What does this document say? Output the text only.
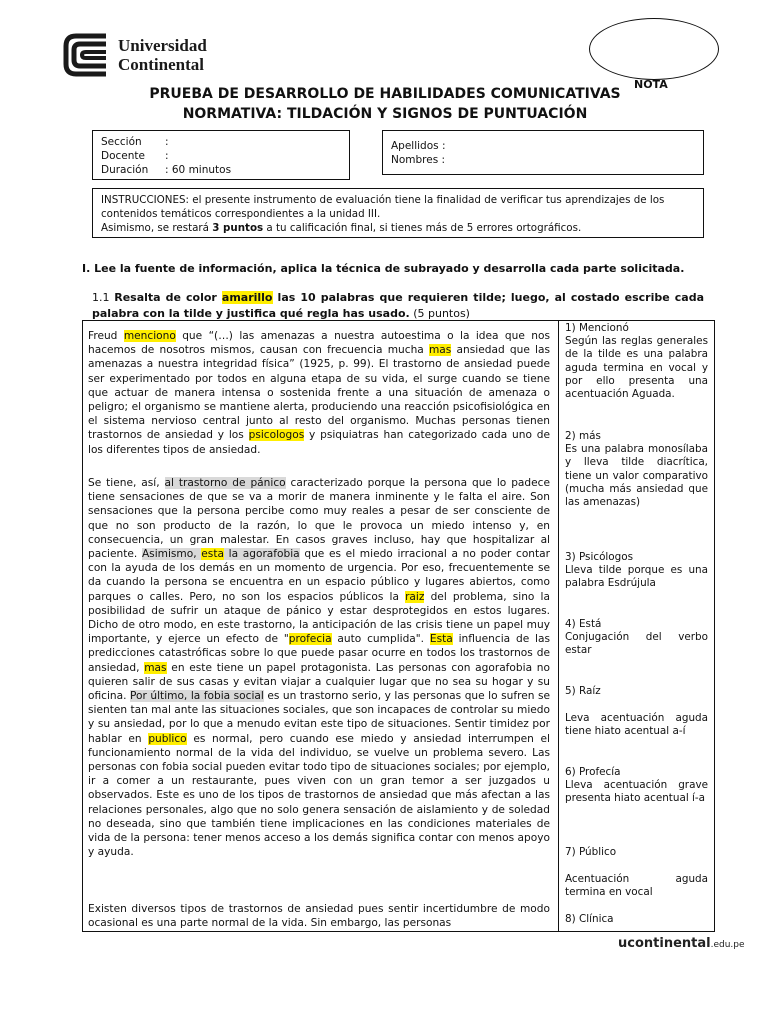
Universidad
Continental
NOTA
PRUEBA DE DESARROLLO DE HABILIDADES COMUNICATIVAS
NORMATIVA: TILDACIÓN Y SIGNOS DE PUNTUACIÓN
Sección	:
Docente	:
Duración	: 60 minutos
Apellidos :
Nombres :
INSTRUCCIONES: el presente instrumento de evaluación tiene la finalidad de verificar tus aprendizajes de los contenidos temáticos correspondientes a la unidad III.
Asimismo, se restará 3 puntos a tu calificación final, si tienes más de 5 errores ortográficos.
I. Lee la fuente de información, aplica la técnica de subrayado y desarrolla cada parte solicitada.
1.1 Resalta de color amarillo las 10 palabras que requieren tilde; luego, al costado escribe cada palabra con la tilde y justifica qué regla has usado. (5 puntos)
Freud menciono que “(…) las amenazas a nuestra autoestima o la idea que nos hacemos de nosotros mismos, causan con frecuencia mucha mas ansiedad que las amenazas a nuestra integridad física” (1925, p. 99). El trastorno de ansiedad puede ser experimentado por todos en alguna etapa de su vida, el surge cuando se tiene que actuar de manera intensa o sostenida frente a una situación de amenaza o peligro; el organismo se mantiene alerta, produciendo una reacción psicofisiológica en el sistema nervioso central junto al resto del organismo. Muchas personas tienen trastornos de ansiedad y los psicologos y psiquiatras han categorizado cada uno de los diferentes tipos de ansiedad.
Se tiene, así, al trastorno de pánico caracterizado porque la persona que lo padece tiene sensaciones de que se va a morir de manera inminente y le falta el aire. Son sensaciones que la persona percibe como muy reales a pesar de ser consciente de que no son producto de la razón, lo que le provoca un miedo intenso y, en consecuencia, un gran malestar. En casos graves incluso, hay que hospitalizar al paciente. Asimismo, esta la agorafobia que es el miedo irracional a no poder contar con la ayuda de los demás en un momento de urgencia. Por eso, frecuentemente se da cuando la persona se encuentra en un espacio público y lugares abiertos, como parques o calles. Pero, no son los espacios públicos la raiz del problema, sino la posibilidad de sufrir un ataque de pánico y estar desprotegidos en estos lugares. Dicho de otro modo, en este trastorno, la anticipación de las crisis tiene un papel muy importante, y ejerce un efecto de "profecia auto cumplida". Esta influencia de las predicciones catastróficas sobre lo que puede pasar ocurre en todos los trastornos de ansiedad, mas en este tiene un papel protagonista. Las personas con agorafobia no quieren salir de sus casas y evitan viajar a cualquier lugar que no sea su hogar y su oficina. Por último, la fobia social es un trastorno serio, y las personas que lo sufren se sienten tan mal ante las situaciones sociales, que son incapaces de controlar su miedo y su ansiedad, por lo que a menudo evitan este tipo de situaciones. Sentir timidez por hablar en publico es normal, pero cuando ese miedo y ansiedad interrumpen el funcionamiento normal de la vida del individuo, se vuelve un problema severo. Las personas con fobia social pueden evitar todo tipo de situaciones sociales; por ejemplo, ir a comer a un restaurante, pues viven con un gran temor a ser juzgados u observados. Este es uno de los tipos de trastornos de ansiedad que más afectan a las relaciones personales, algo que no solo genera sensación de aislamiento y de soledad no deseada, sino que también tiene implicaciones en las condiciones materiales de vida de la persona: tener menos acceso a los demás significa contar con menos apoyo y ayuda.
Existen diversos tipos de trastornos de ansiedad pues sentir incertidumbre de modo ocasional es una parte normal de la vida. Sin embargo, las personas
1) Mencionó
Según las reglas generales de la tilde es una palabra aguda termina en vocal y por ello presenta una acentuación Aguada.
2) más
Es una palabra monosílaba y lleva tilde diacrítica, tiene un valor comparativo (mucha más ansiedad que las amenazas)
3) Psicólogos
Lleva tilde porque es una palabra Esdrújula
4) Está
Conjugación del verbo estar
5) Raíz
Leva acentuación aguda tiene hiato acentual a-í
6) Profecía
Lleva acentuación grave presenta hiato acentual í-a
7) Público
Acentuación aguda termina en vocal
8) Clínica
ucontinental.edu.pe
